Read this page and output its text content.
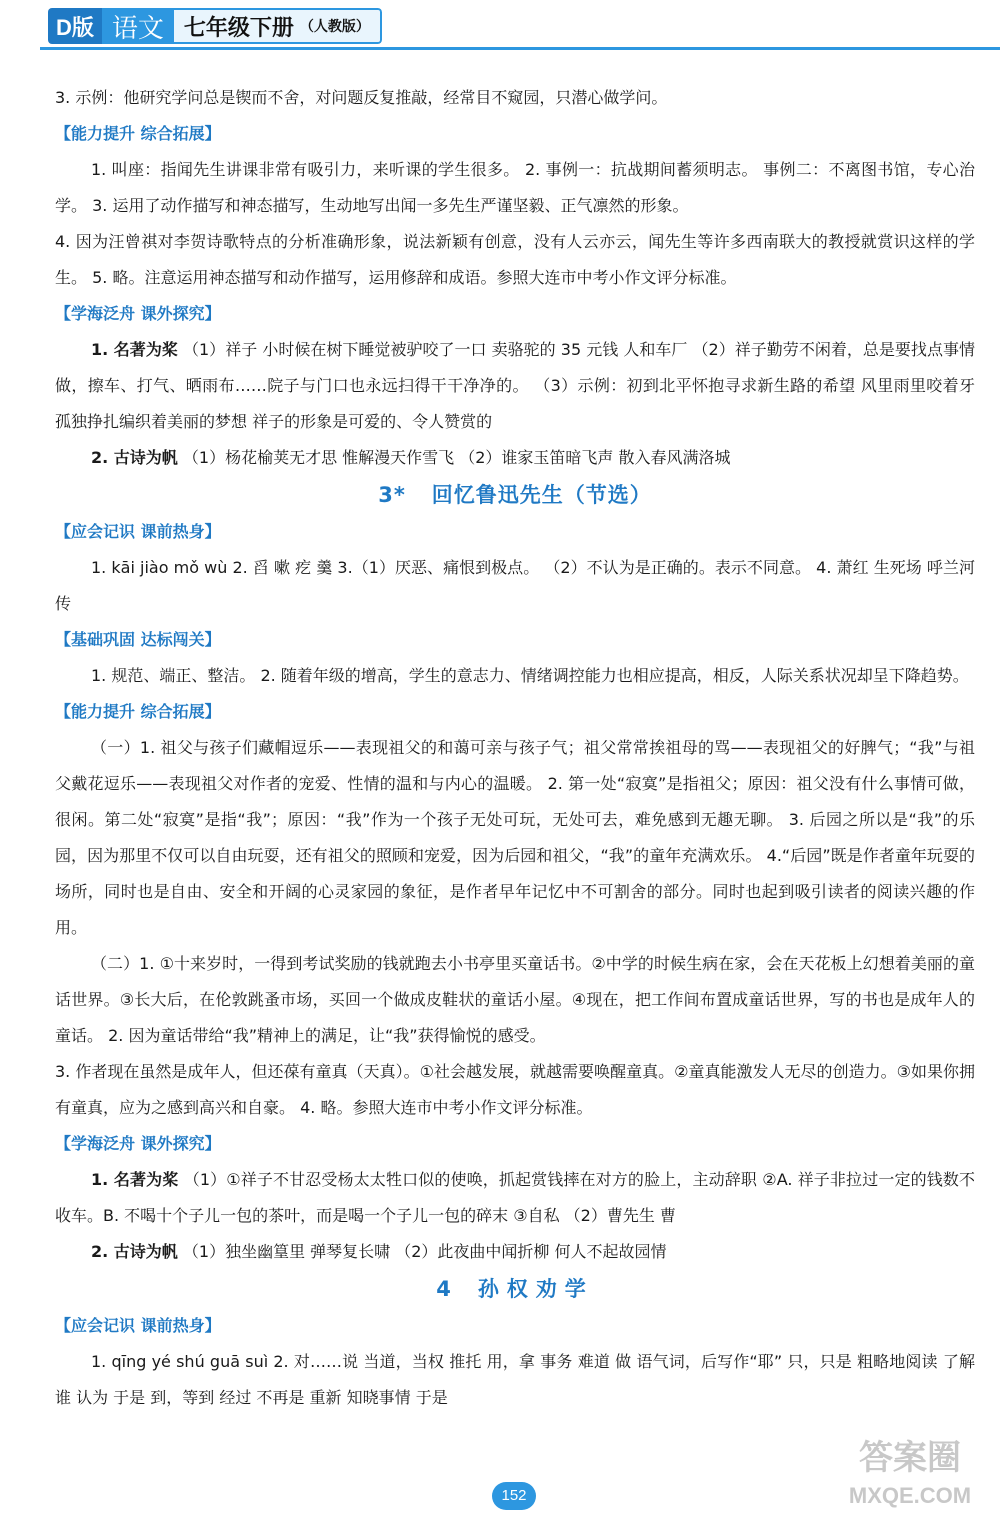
D版 语文 七年级下册 （人教版）

3. 示例：他研究学问总是锲而不舍，对问题反复推敲，经常目不窥园，只潜心做学问。

【能力提升 综合拓展】

1. 叫座：指闻先生讲课非常有吸引力，来听课的学生很多。 2. 事例一：抗战期间蓄须明志。 事例二：不离图书馆，专心治学。 3. 运用了动作描写和神态描写，生动地写出闻一多先生严谨坚毅、正气凛然的形象。

4. 因为汪曾祺对李贺诗歌特点的分析准确形象，说法新颖有创意，没有人云亦云，闻先生等许多西南联大的教授就赏识这样的学生。 5. 略。注意运用神态描写和动作描写，运用修辞和成语。参照大连市中考小作文评分标准。

【学海泛舟 课外探究】

1. 名著为桨 （1）祥子 小时候在树下睡觉被驴咬了一口 卖骆驼的 35 元钱 人和车厂 （2）祥子勤劳不闲着，总是要找点事情做，擦车、打气、晒雨布……院子与门口也永远扫得干干净净的。 （3）示例：初到北平怀抱寻求新生路的希望 风里雨里咬着牙 孤独挣扎编织着美丽的梦想 祥子的形象是可爱的、令人赞赏的

2. 古诗为帆 （1）杨花榆荚无才思 惟解漫天作雪飞 （2）谁家玉笛暗飞声 散入春风满洛城

3* 回忆鲁迅先生（节选）
【应会记识 课前热身】

1. kāi jiào mǒ wù 2. 舀 嗽 疙 羹 3.（1）厌恶、痛恨到极点。 （2）不认为是正确的。表示不同意。 4. 萧红 生死场 呼兰河传

【基础巩固 达标闯关】

1. 规范、端正、整洁。 2. 随着年级的增高，学生的意志力、情绪调控能力也相应提高，相反，人际关系状况却呈下降趋势。

【能力提升 综合拓展】

（一）1. 祖父与孩子们藏帽逗乐——表现祖父的和蔼可亲与孩子气；祖父常常挨祖母的骂——表现祖父的好脾气；“我”与祖父戴花逗乐——表现祖父对作者的宠爱、性情的温和与内心的温暖。 2. 第一处“寂寞”是指祖父；原因：祖父没有什么事情可做，很闲。第二处“寂寞”是指“我”；原因：“我”作为一个孩子无处可玩，无处可去，难免感到无趣无聊。 3. 后园之所以是“我”的乐园，因为那里不仅可以自由玩耍，还有祖父的照顾和宠爱，因为后园和祖父，“我”的童年充满欢乐。 4.“后园”既是作者童年玩耍的场所，同时也是自由、安全和开阔的心灵家园的象征，是作者早年记忆中不可割舍的部分。同时也起到吸引读者的阅读兴趣的作用。

（二）1. ①十来岁时，一得到考试奖励的钱就跑去小书亭里买童话书。②中学的时候生病在家，会在天花板上幻想着美丽的童话世界。③长大后，在伦敦跳蚤市场，买回一个做成皮鞋状的童话小屋。④现在，把工作间布置成童话世界，写的书也是成年人的童话。 2. 因为童话带给“我”精神上的满足，让“我”获得愉悦的感受。

3. 作者现在虽然是成年人，但还葆有童真（天真）。①社会越发展，就越需要唤醒童真。②童真能激发人无尽的创造力。③如果你拥有童真，应为之感到高兴和自豪。 4. 略。参照大连市中考小作文评分标准。

【学海泛舟 课外探究】

1. 名著为桨 （1）①祥子不甘忍受杨太太牲口似的使唤，抓起赏钱摔在对方的脸上，主动辞职 ②A. 祥子非拉过一定的钱数不收车。B. 不喝十个子儿一包的茶叶，而是喝一个子儿一包的碎末 ③自私 （2）曹先生 曹

2. 古诗为帆 （1）独坐幽篁里 弹琴复长啸 （2）此夜曲中闻折柳 何人不起故园情

4 孙权劝学
【应会记识 课前热身】

1. qīng yé shú guā suì 2. 对……说 当道，当权 推托 用，拿 事务 难道 做 语气词，后写作“耶” 只，只是 粗略地阅读 了解 谁 认为 于是 到，等到 经过 不再是 重新 知晓事情 于是

152
答案圈
MXQE.COM
